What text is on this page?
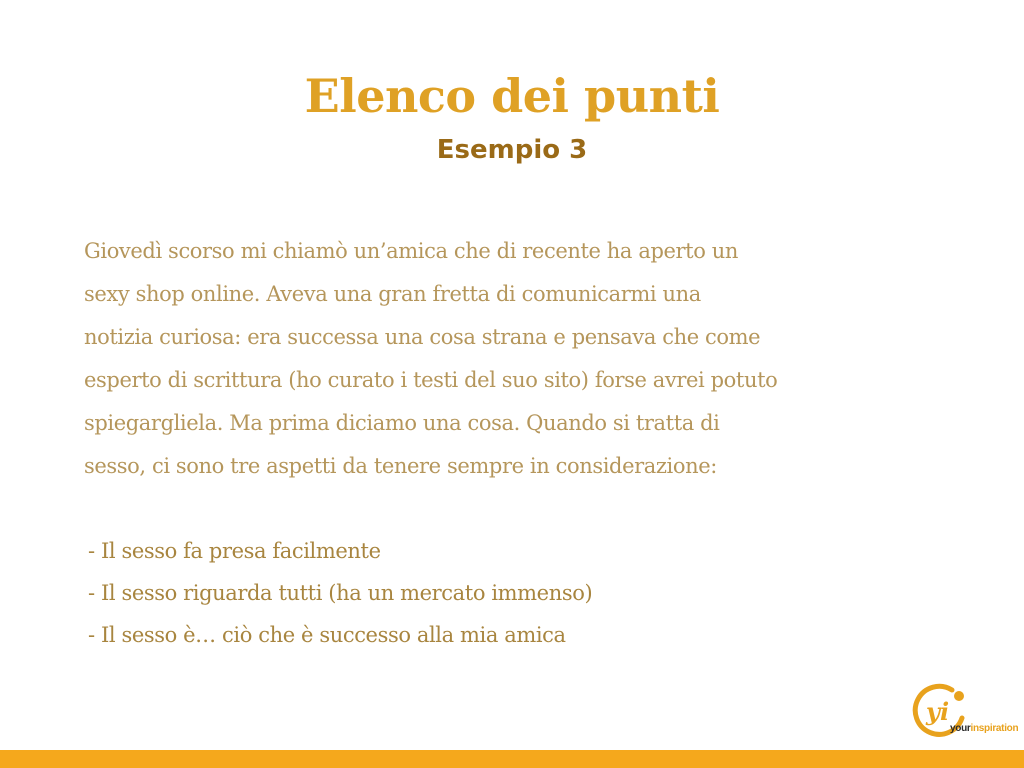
Elenco dei punti
Esempio 3
Giovedì scorso mi chiamò un’amica che di recente ha aperto un
sexy shop online. Aveva una gran fretta di comunicarmi una
notizia curiosa: era successa una cosa strana e pensava che come
esperto di scrittura (ho curato i testi del suo sito) forse avrei potuto
spiegargliela. Ma prima diciamo una cosa. Quando si tratta di
sesso, ci sono tre aspetti da tenere sempre in considerazione:
- Il sesso fa presa facilmente
- Il sesso riguarda tutti (ha un mercato immenso)
- Il sesso è… ciò che è successo alla mia amica
yi
yourinspiration
